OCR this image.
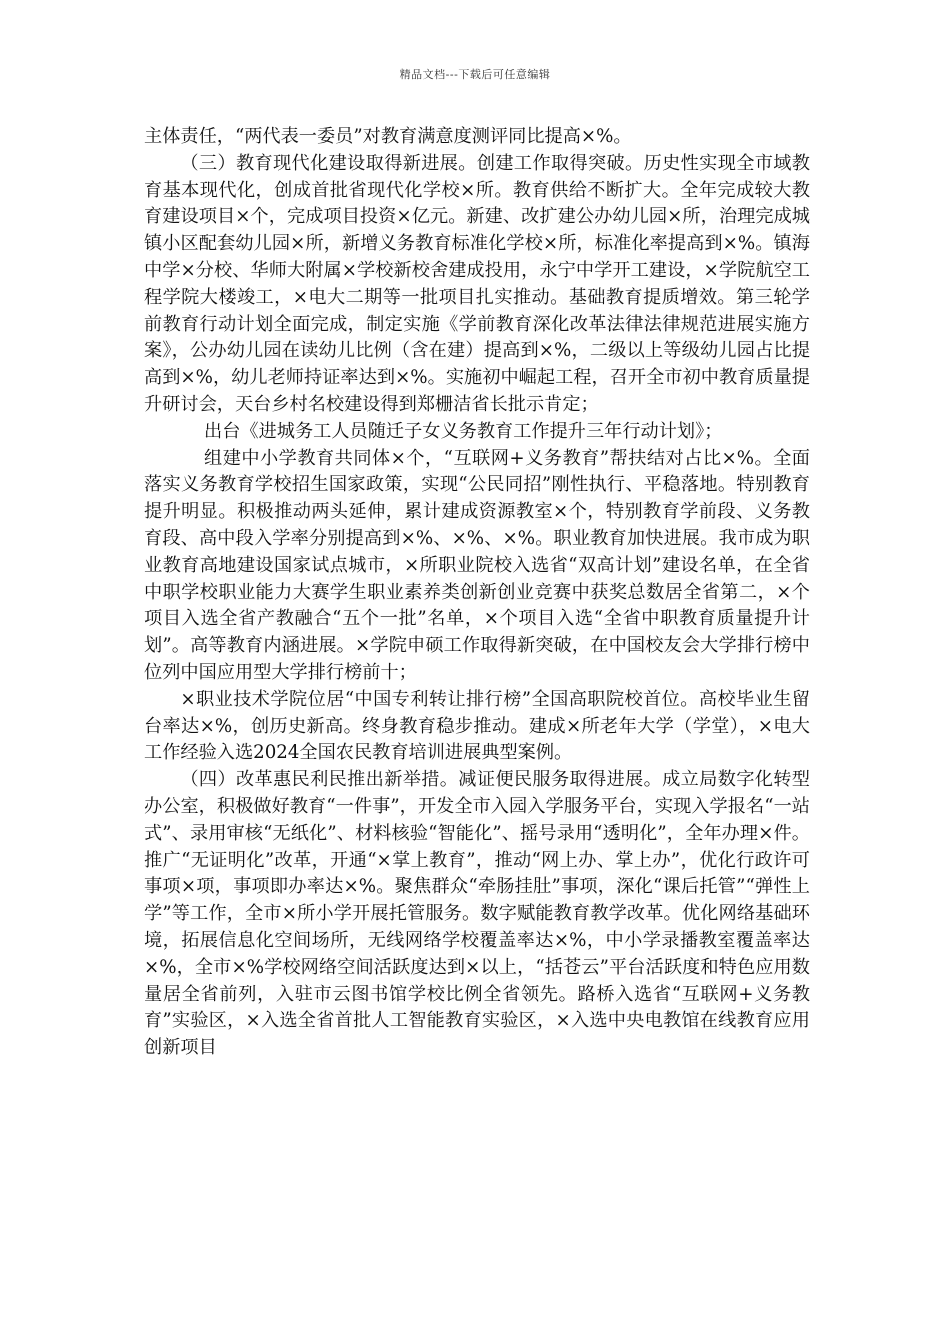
精品文档---下载后可任意编辑

主体责任，“两代表一委员”对教育满意度测评同比提高×%。

（三）教育现代化建设取得新进展。创建工作取得突破。历史性实现全市域教育基本现代化，创成首批省现代化学校×所。教育供给不断扩大。全年完成较大教育建设项目×个，完成项目投资×亿元。新建、改扩建公办幼儿园×所，治理完成城镇小区配套幼儿园×所，新增义务教育标准化学校×所，标准化率提高到×%。镇海中学×分校、华师大附属×学校新校舍建成投用，永宁中学开工建设，×学院航空工程学院大楼竣工，×电大二期等一批项目扎实推动。基础教育提质增效。第三轮学前教育行动计划全面完成，制定实施《学前教育深化改革法律法律规范进展实施方案》，公办幼儿园在读幼儿比例（含在建）提高到×%，二级以上等级幼儿园占比提高到×%，幼儿老师持证率达到×%。实施初中崛起工程，召开全市初中教育质量提升研讨会，天台乡村名校建设得到郑栅洁省长批示肯定；

出台《进城务工人员随迁子女义务教育工作提升三年行动计划》；

组建中小学教育共同体×个，“互联网+义务教育”帮扶结对占比×%。全面落实义务教育学校招生国家政策，实现“公民同招”刚性执行、平稳落地。特别教育提升明显。积极推动两头延伸，累计建成资源教室×个，特别教育学前段、义务教育段、高中段入学率分别提高到×%、×%、×%。职业教育加快进展。我市成为职业教育高地建设国家试点城市，×所职业院校入选省“双高计划”建设名单，在全省中职学校职业能力大赛学生职业素养类创新创业竞赛中获奖总数居全省第二，×个项目入选全省产教融合“五个一批”名单，×个项目入选“全省中职教育质量提升计划”。高等教育内涵进展。×学院申硕工作取得新突破，在中国校友会大学排行榜中位列中国应用型大学排行榜前十；

×职业技术学院位居“中国专利转让排行榜”全国高职院校首位。高校毕业生留台率达×%，创历史新高。终身教育稳步推动。建成×所老年大学（学堂），×电大工作经验入选2024全国农民教育培训进展典型案例。

（四）改革惠民利民推出新举措。减证便民服务取得进展。成立局数字化转型办公室，积极做好教育“一件事”，开发全市入园入学服务平台，实现入学报名“一站式”、录用审核“无纸化”、材料核验“智能化”、摇号录用“透明化”，全年办理×件。推广“无证明化”改革，开通“×掌上教育”，推动“网上办、掌上办”，优化行政许可事项×项，事项即办率达×%。聚焦群众“牵肠挂肚”事项，深化“课后托管”“弹性上学”等工作，全市×所小学开展托管服务。数字赋能教育教学改革。优化网络基础环境，拓展信息化空间场所，无线网络学校覆盖率达×%，中小学录播教室覆盖率达×%，全市×%学校网络空间活跃度达到×以上，“括苍云”平台活跃度和特色应用数量居全省前列，入驻市云图书馆学校比例全省领先。路桥入选省“互联网+义务教育”实验区，×入选全省首批人工智能教育实验区，×入选中央电教馆在线教育应用创新项目
